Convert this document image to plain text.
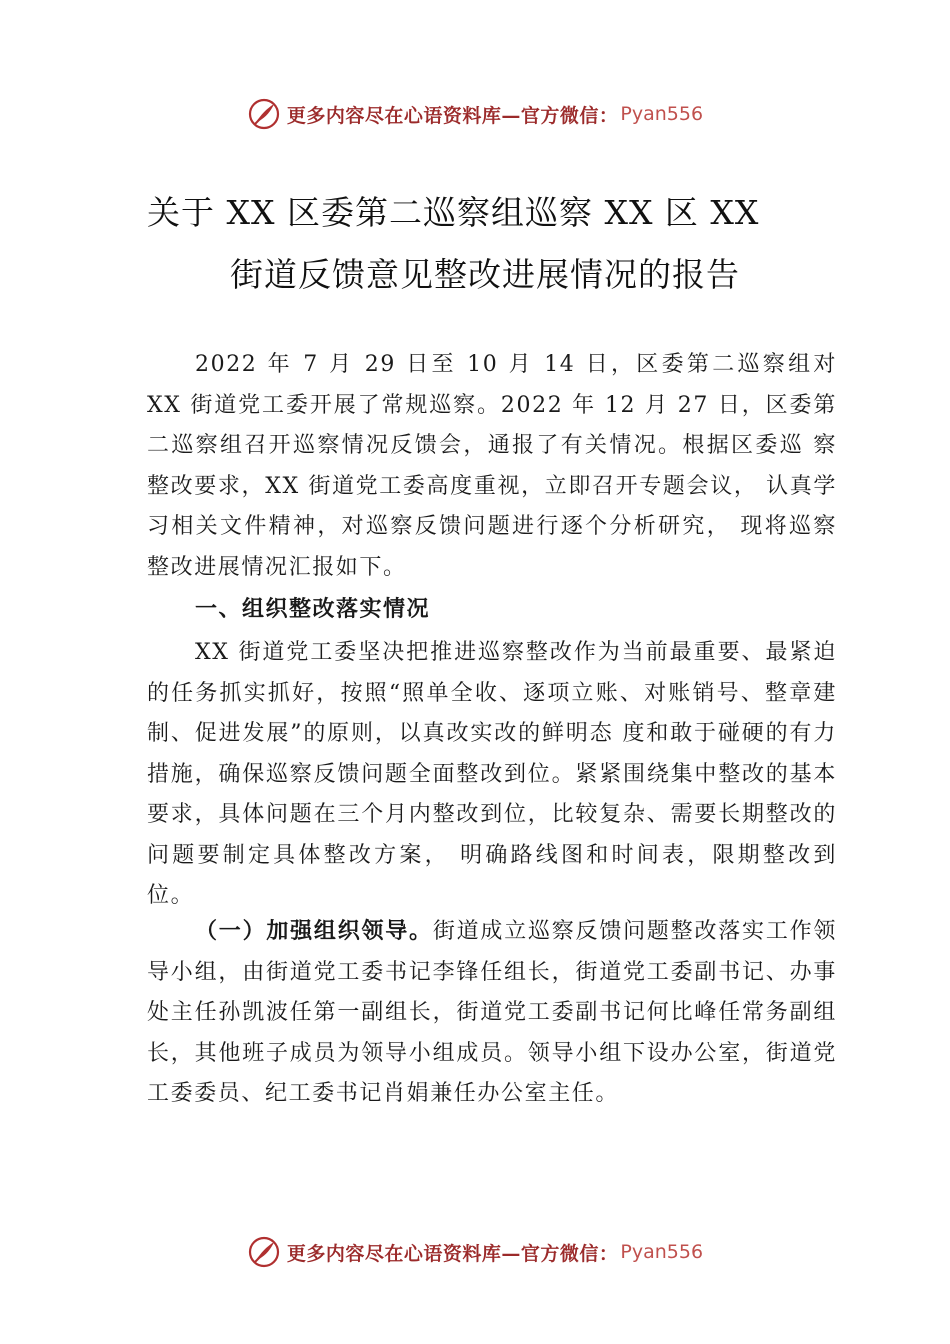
更多内容尽在心语资料库—官方微信： Pyan556
关于 XX 区委第二巡察组巡察 XX 区 XX
街道反馈意见整改进展情况的报告

2022 年 7 月 29 日至 10 月 14 日，区委第二巡察组对 XX 街道党工委开展了常规巡察。2022 年 12 月 27 日，区委第二巡察组召开巡察情况反馈会，通报了有关情况。根据区委巡 察整改要求，XX 街道党工委高度重视，立即召开专题会议， 认真学习相关文件精神，对巡察反馈问题进行逐个分析研究， 现将巡察整改进展情况汇报如下。

一、组织整改落实情况

XX 街道党工委坚决把推进巡察整改作为当前最重要、最紧迫的任务抓实抓好，按照“照单全收、逐项立账、对账销号、整章建制、促进发展”的原则，以真改实改的鲜明态 度和敢于碰硬的有力措施，确保巡察反馈问题全面整改到位。紧紧围绕集中整改的基本要求，具体问题在三个月内整改到位，比较复杂、需要长期整改的问题要制定具体整改方案， 明确路线图和时间表，限期整改到位。

（一）加强组织领导。街道成立巡察反馈问题整改落实工作领导小组，由街道党工委书记李锋任组长，街道党工委副书记、办事处主任孙凯波任第一副组长，街道党工委副书记何比峰任常务副组长，其他班子成员为领导小组成员。领导小组下设办公室，街道党工委委员、纪工委书记肖娟兼任办公室主任。

更多内容尽在心语资料库—官方微信： Pyan556
